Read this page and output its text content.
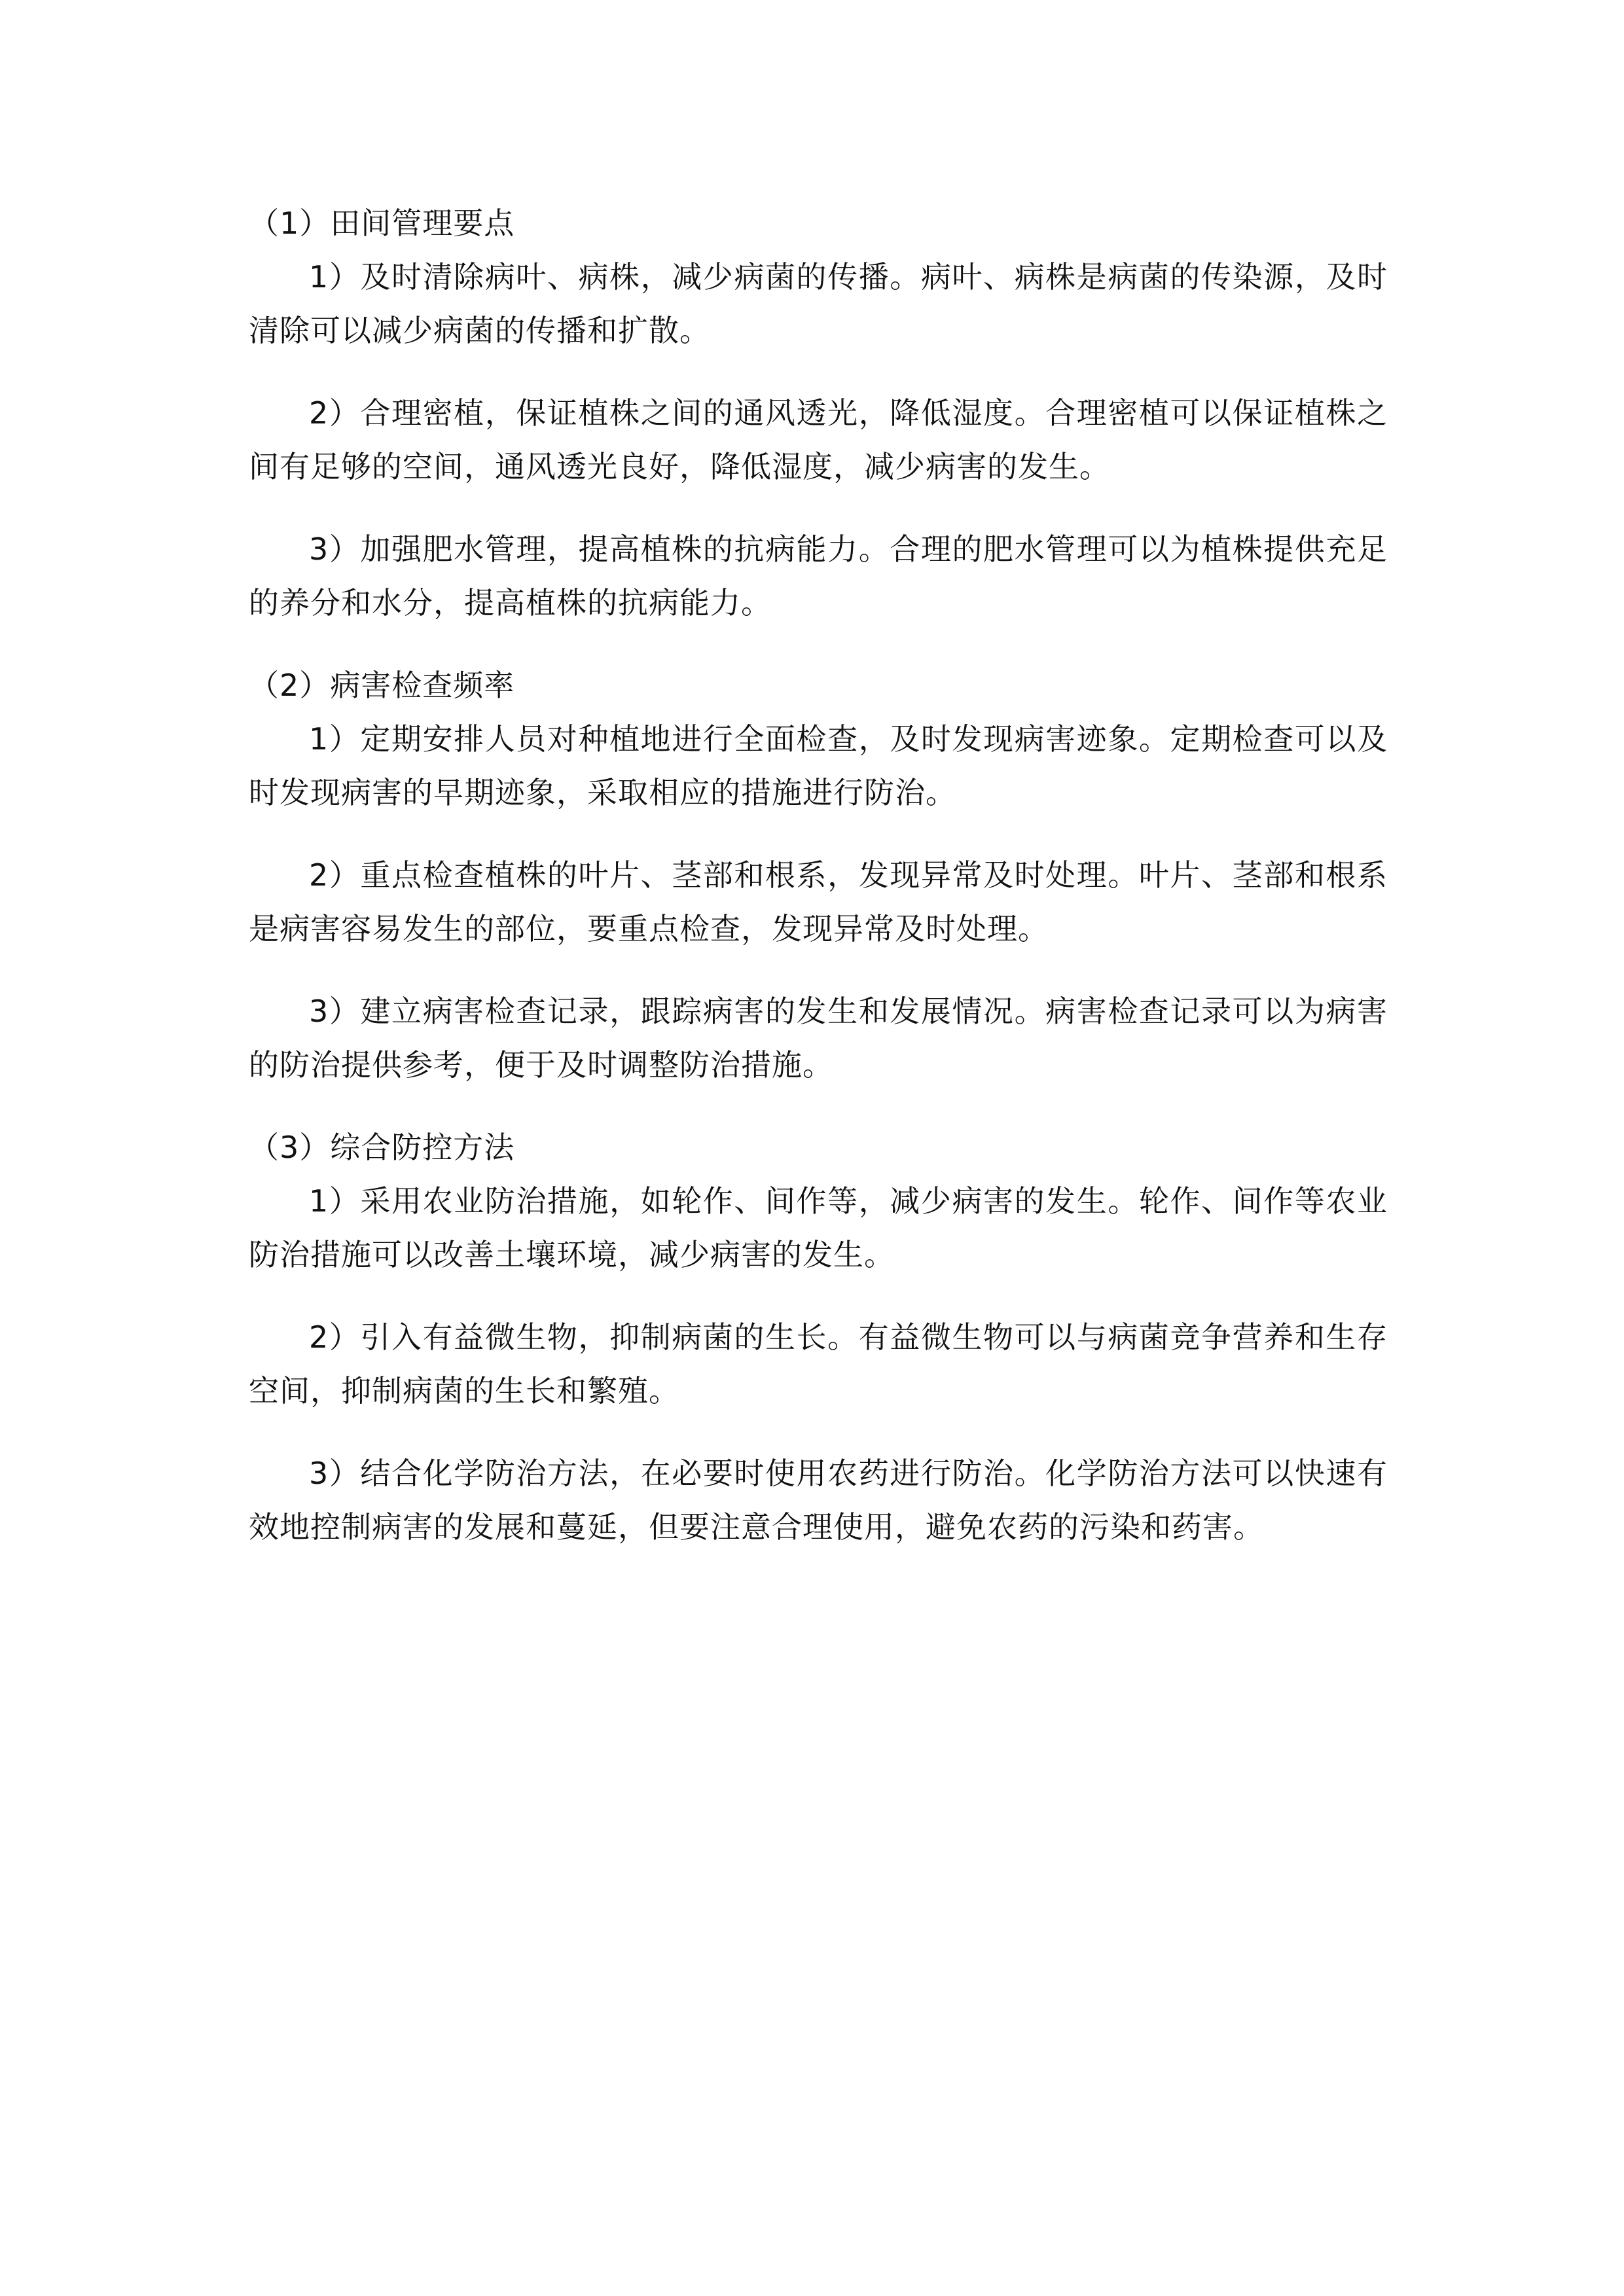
（1）田间管理要点

1）及时清除病叶、病株，减少病菌的传播。病叶、病株是病菌的传染源，及时清除可以减少病菌的传播和扩散。

2）合理密植，保证植株之间的通风透光，降低湿度。合理密植可以保证植株之间有足够的空间，通风透光良好，降低湿度，减少病害的发生。

3）加强肥水管理，提高植株的抗病能力。合理的肥水管理可以为植株提供充足的养分和水分，提高植株的抗病能力。

（2）病害检查频率

1）定期安排人员对种植地进行全面检查，及时发现病害迹象。定期检查可以及时发现病害的早期迹象，采取相应的措施进行防治。

2）重点检查植株的叶片、茎部和根系，发现异常及时处理。叶片、茎部和根系是病害容易发生的部位，要重点检查，发现异常及时处理。

3）建立病害检查记录，跟踪病害的发生和发展情况。病害检查记录可以为病害的防治提供参考，便于及时调整防治措施。

（3）综合防控方法

1）采用农业防治措施，如轮作、间作等，减少病害的发生。轮作、间作等农业防治措施可以改善土壤环境，减少病害的发生。

2）引入有益微生物，抑制病菌的生长。有益微生物可以与病菌竞争营养和生存空间，抑制病菌的生长和繁殖。

3）结合化学防治方法，在必要时使用农药进行防治。化学防治方法可以快速有效地控制病害的发展和蔓延，但要注意合理使用，避免农药的污染和药害。
